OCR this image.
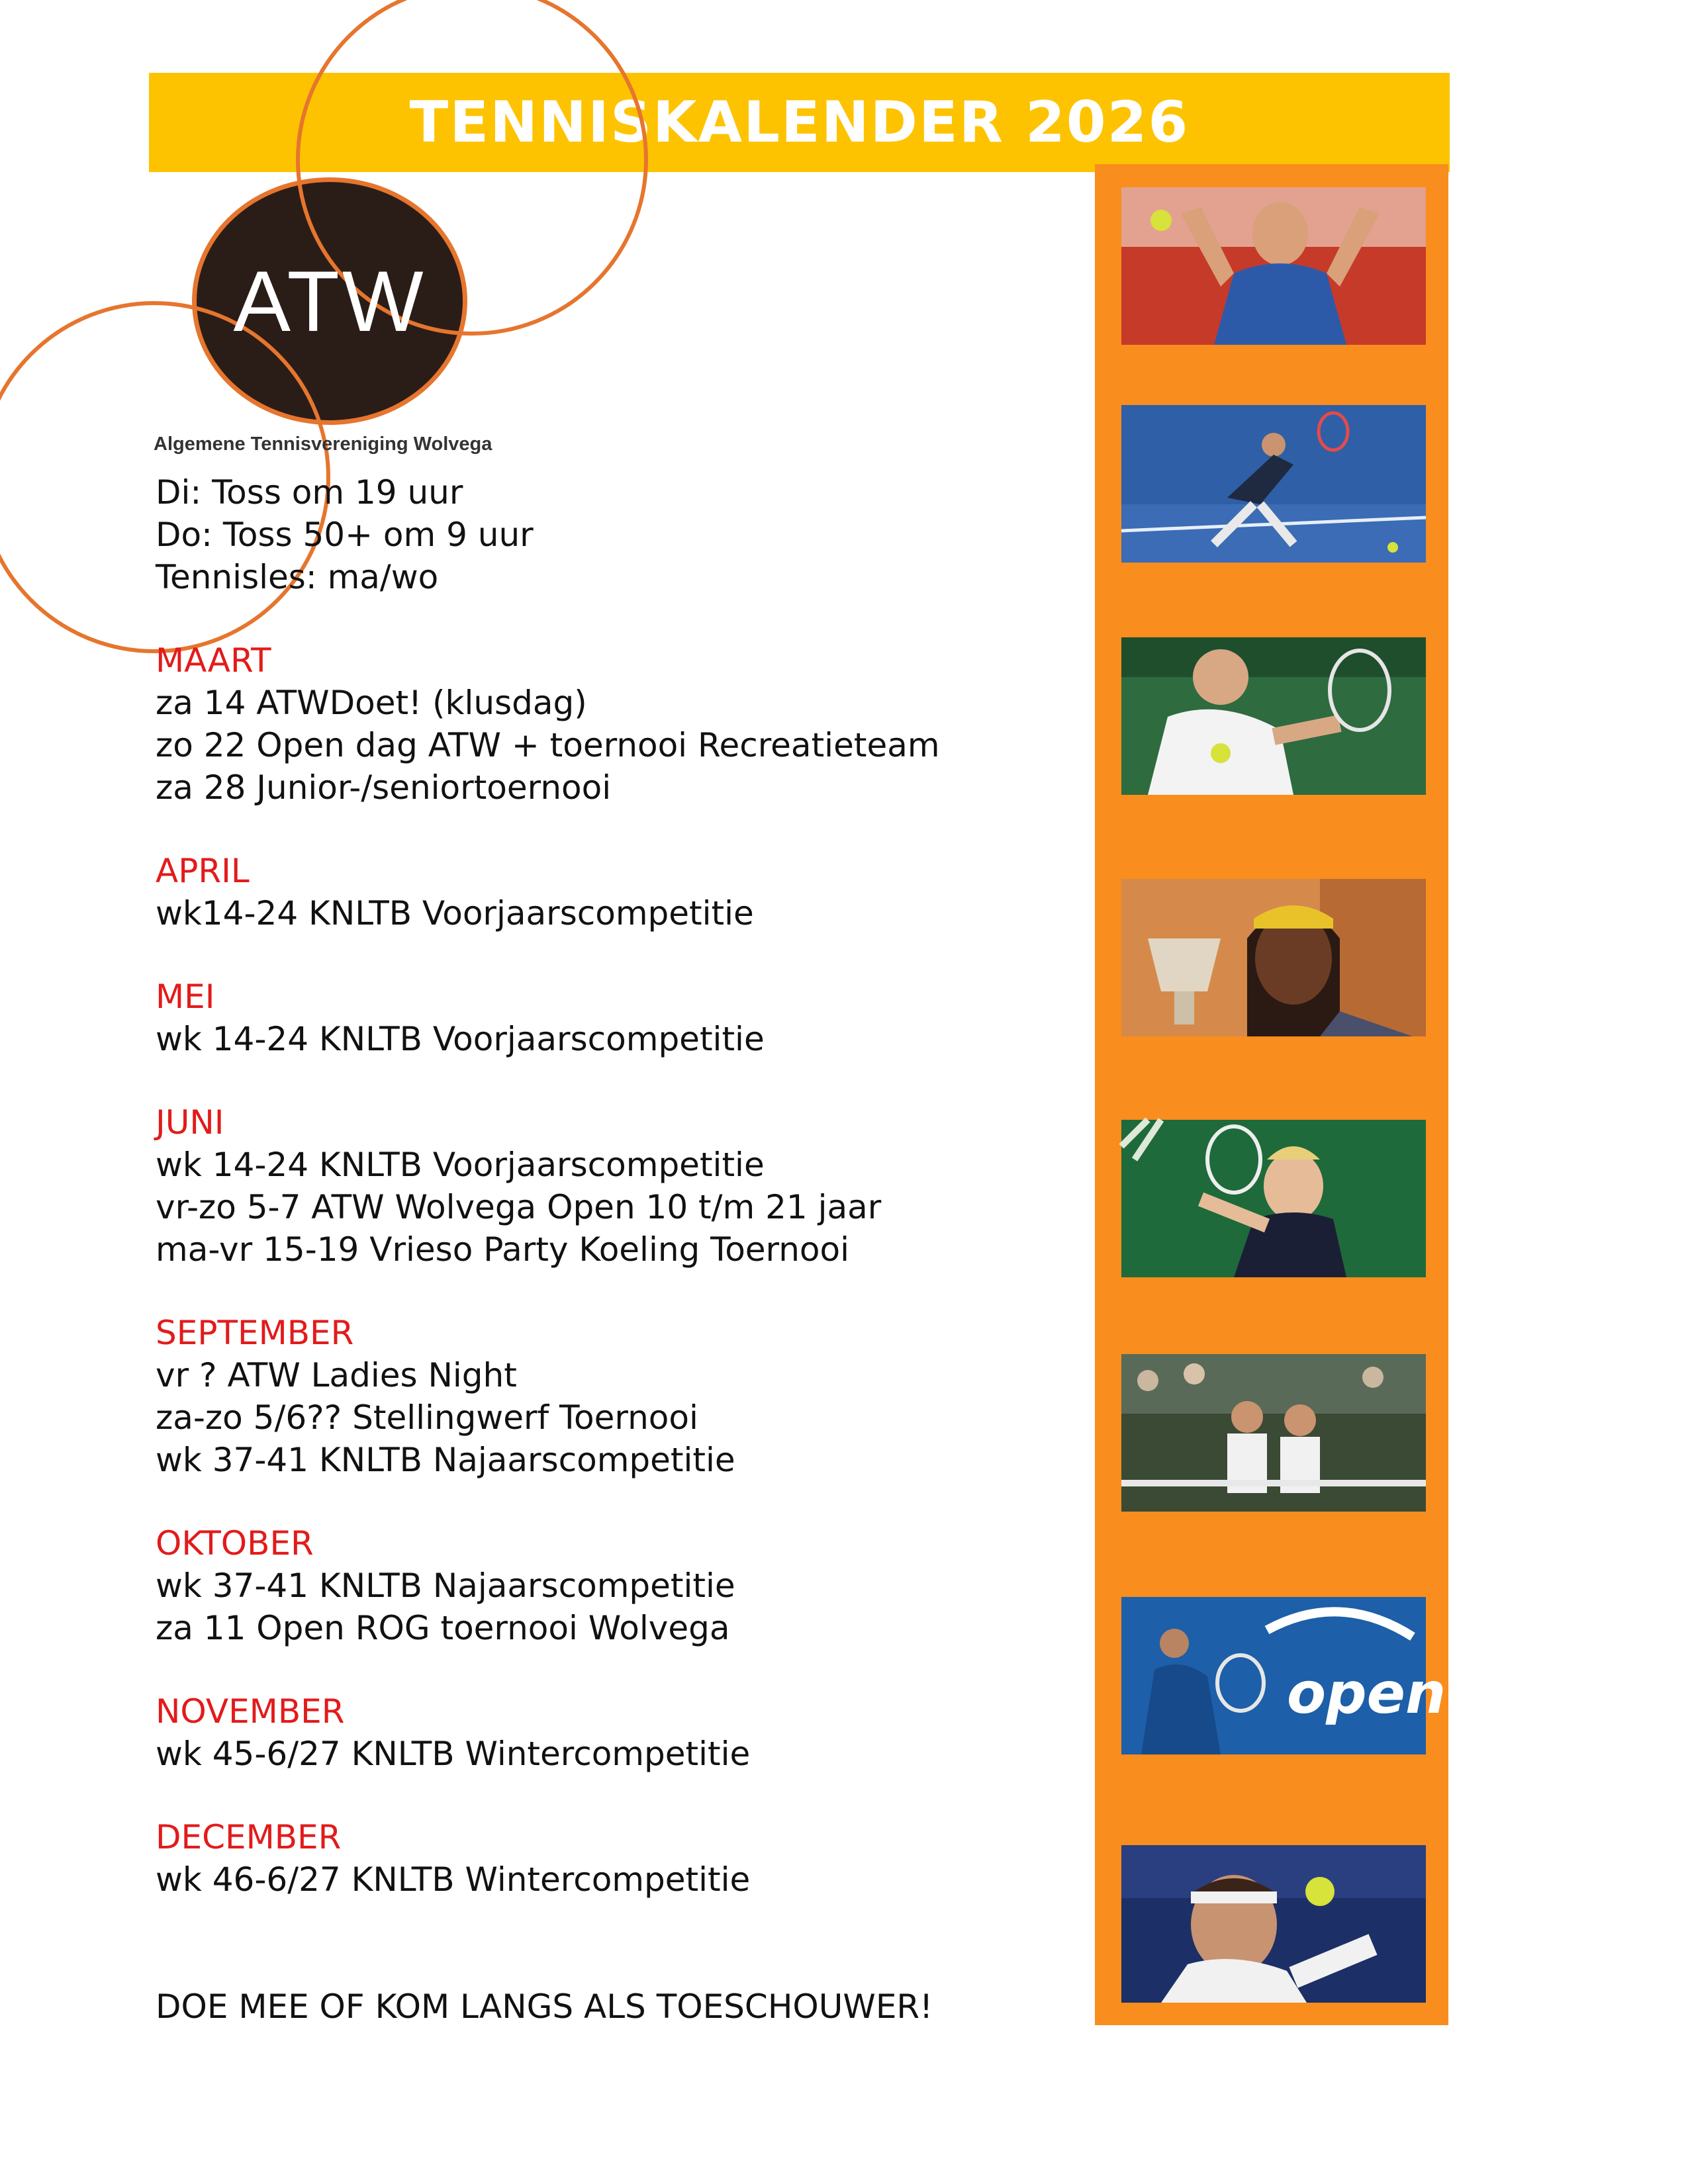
TENNISKALENDER 2026
ATW
Algemene Tennisvereniging Wolvega
Di: Toss om 19 uur
Do: Toss 50+ om 9 uur
Tennisles: ma/wo
MAART
za 14 ATWDoet! (klusdag)
zo 22 Open dag ATW + toernooi Recreatieteam
za 28 Junior-/seniortoernooi
APRIL
wk14-24 KNLTB Voorjaarscompetitie
MEI
wk 14-24 KNLTB Voorjaarscompetitie
JUNI
wk 14-24 KNLTB Voorjaarscompetitie
vr-zo 5-7 ATW Wolvega Open 10 t/m 21 jaar
ma-vr 15-19 Vrieso Party Koeling Toernooi
SEPTEMBER
vr ? ATW Ladies Night
za-zo 5/6?? Stellingwerf Toernooi
wk 37-41 KNLTB Najaarscompetitie
OKTOBER
wk 37-41 KNLTB Najaarscompetitie
za 11 Open ROG toernooi Wolvega
NOVEMBER
wk 45-6/27 KNLTB Wintercompetitie
DECEMBER
wk 46-6/27 KNLTB Wintercompetitie
DOE MEE OF KOM LANGS ALS TOESCHOUWER!
open
